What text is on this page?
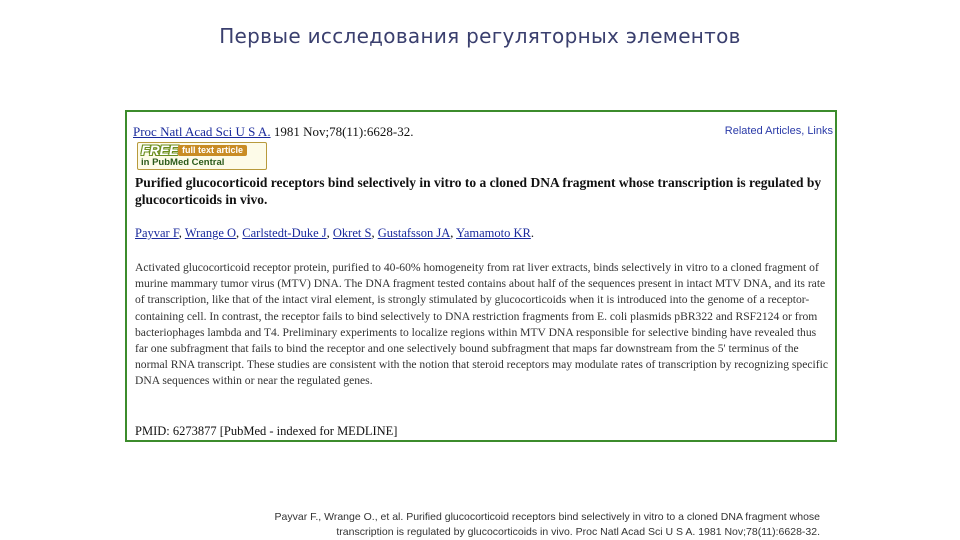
Первые исследования регуляторных элементов
Proc Natl Acad Sci U S A. 1981 Nov;78(11):6628-32.	Related Articles, Links
FREE full text article
in PubMed Central
Purified glucocorticoid receptors bind selectively in vitro to a cloned DNA fragment whose transcription is regulated by glucocorticoids in vivo.
Payvar F, Wrange O, Carlstedt-Duke J, Okret S, Gustafsson JA, Yamamoto KR.
Activated glucocorticoid receptor protein, purified to 40-60% homogeneity from rat liver extracts, binds selectively in vitro to a cloned fragment of murine mammary tumor virus (MTV) DNA. The DNA fragment tested contains about half of the sequences present in intact MTV DNA, and its rate of transcription, like that of the intact viral element, is strongly stimulated by glucocorticoids when it is introduced into the genome of a receptor-containing cell. In contrast, the receptor fails to bind selectively to DNA restriction fragments from E. coli plasmids pBR322 and RSF2124 or from bacteriophages lambda and T4. Preliminary experiments to localize regions within MTV DNA responsible for selective binding have revealed thus far one subfragment that fails to bind the receptor and one selectively bound subfragment that maps far downstream from the 5' terminus of the normal RNA transcript. These studies are consistent with the notion that steroid receptors may modulate rates of transcription by recognizing specific DNA sequences within or near the regulated genes.
PMID: 6273877 [PubMed - indexed for MEDLINE]
Payvar F., Wrange O., et al. Purified glucocorticoid receptors bind selectively in vitro to a cloned DNA fragment whose
transcription is regulated by glucocorticoids in vivo. Proc Natl Acad Sci U S A. 1981 Nov;78(11):6628-32.
